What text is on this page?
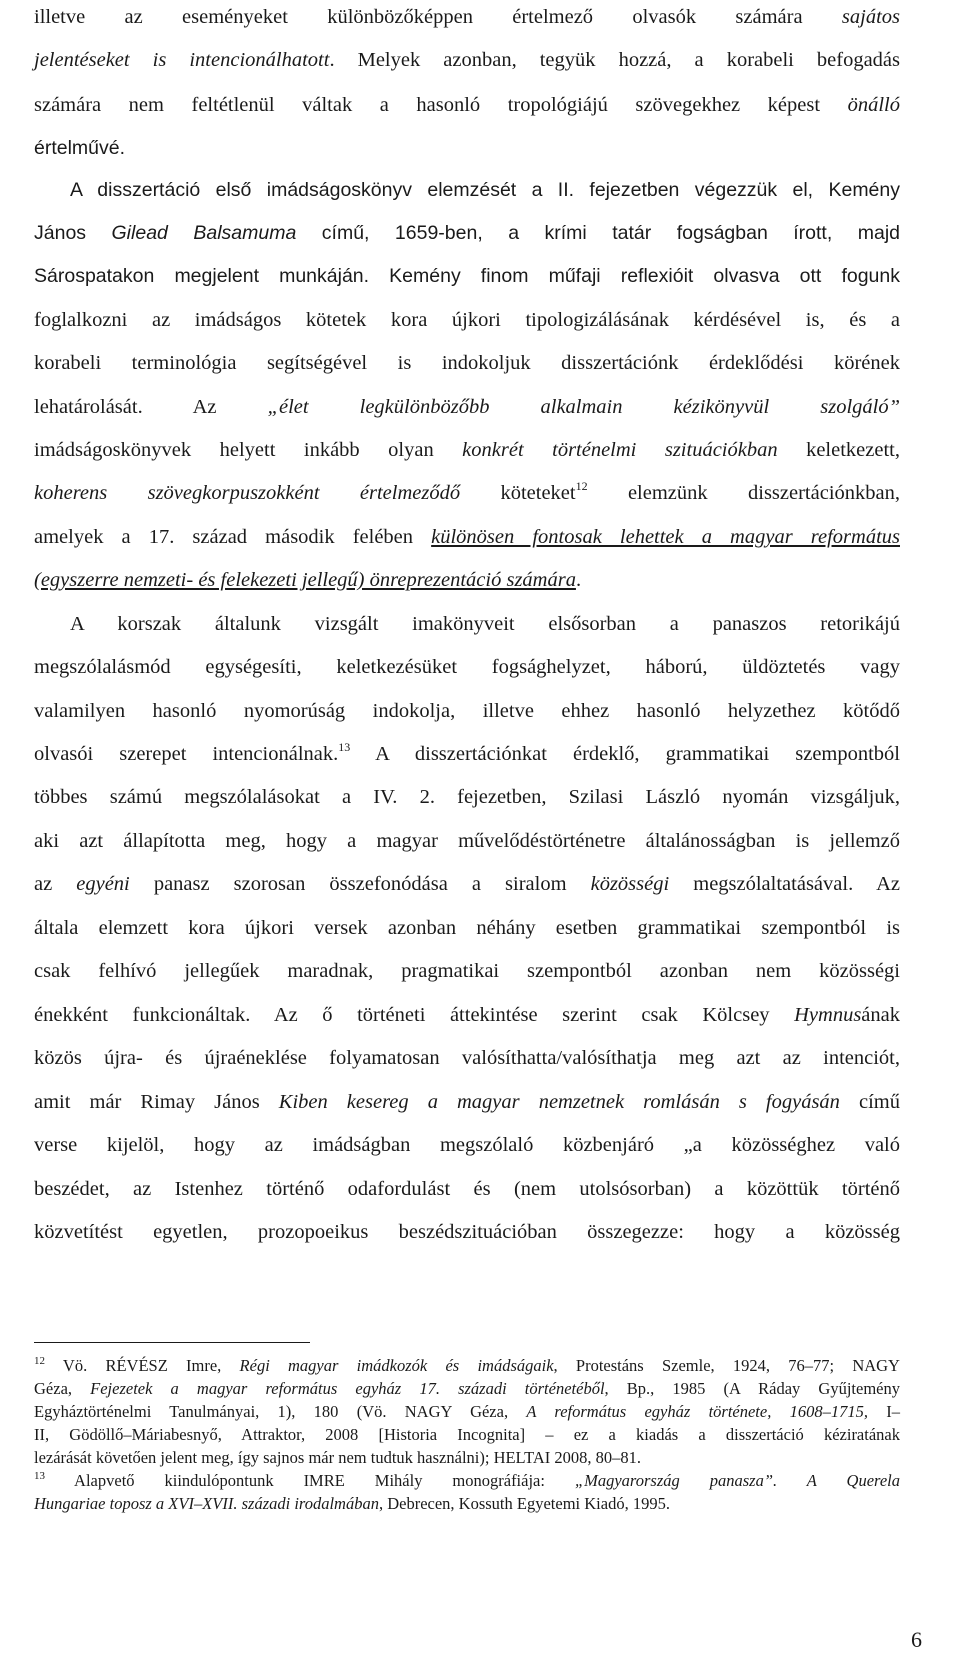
illetve az eseményeket különbözőképpen értelmező olvasók számára sajátos
jelentéseket is intencionálhatott. Melyek azonban, tegyük hozzá, a korabeli befogadás
számára nem feltétlenül váltak a hasonló tropológiájú szövegekhez képest önálló
értelművé.
A disszertáció első imádságoskönyv elemzését a II. fejezetben végezzük el, Kemény
János Gilead Balsamuma című, 1659-ben, a krími tatár fogságban írott, majd
Sárospatakon megjelent munkáján. Kemény finom műfaji reflexióit olvasva ott fogunk
foglalkozni az imádságos kötetek kora újkori tipologizálásának kérdésével is, és a
korabeli terminológia segítségével is indokoljuk disszertációnk érdeklődési körének
lehatárolását. Az „élet legkülönbözőbb alkalmain kézikönyvül szolgáló”
imádságoskönyvek helyett inkább olyan konkrét történelmi szituációkban keletkezett,
koherens szövegkorpuszokként értelmeződő köteteket$^{12}$ elemzünk disszertációnkban,
amelyek a 17. század második felében különösen fontosak lehettek a magyar református
(egyszerre nemzeti- és felekezeti jellegű) önreprezentáció számára.
A korszak általunk vizsgált imakönyveit elsősorban a panaszos retorikájú
megszólalásmód egységesíti, keletkezésüket fogsághelyzet, háború, üldöztetés vagy
valamilyen hasonló nyomorúság indokolja, illetve ehhez hasonló helyzethez kötődő
olvasói szerepet intencionálnak.$^{13}$ A disszertációnkat érdeklő, grammatikai szempontból
többes számú megszólalásokat a IV. 2. fejezetben, Szilasi László nyomán vizsgáljuk,
aki azt állapította meg, hogy a magyar művelődéstörténetre általánosságban is jellemző
az egyéni panasz szorosan összefonódása a siralom közösségi megszólaltatásával. Az
általa elemzett kora újkori versek azonban néhány esetben grammatikai szempontból is
csak felhívó jellegűek maradnak, pragmatikai szempontból azonban nem közösségi
énekként funkcionáltak. Az ő történeti áttekintése szerint csak Kölcsey Hymnusának
közös újra- és újraéneklése folyamatosan valósíthatta/valósíthatja meg azt az intenciót,
amit már Rimay János Kiben kesereg a magyar nemzetnek romlásán s fogyásán című
verse kijelöl, hogy az imádságban megszólaló közbenjáró „a közösséghez való
beszédet, az Istenhez történő odafordulást és (nem utolsósorban) a közöttük történő
közvetítést egyetlen, prozopoeikus beszédszituációban összegezze: hogy a közösség
$^{12}$ Vö. RÉVÉSZ Imre, Régi magyar imádkozók és imádságaik, Protestáns Szemle, 1924, 76–77; NAGY
Géza, Fejezetek a magyar református egyház 17. századi történetéből, Bp., 1985 (A Ráday Gyűjtemény
Egyháztörténelmi Tanulmányai, 1), 180 (Vö. NAGY Géza, A református egyház története, 1608–1715, I–
II, Gödöllő–Máriabesnyő, Attraktor, 2008 [Historia Incognita] – ez a kiadás a disszertáció kéziratának
lezárását követően jelent meg, így sajnos már nem tudtuk használni); HELTAI 2008, 80–81.
$^{13}$ Alapvető kiindulópontunk IMRE Mihály monográfiája: „Magyarország panasza”. A Querela
Hungariae toposz a XVI–XVII. századi irodalmában, Debrecen, Kossuth Egyetemi Kiadó, 1995.
6
